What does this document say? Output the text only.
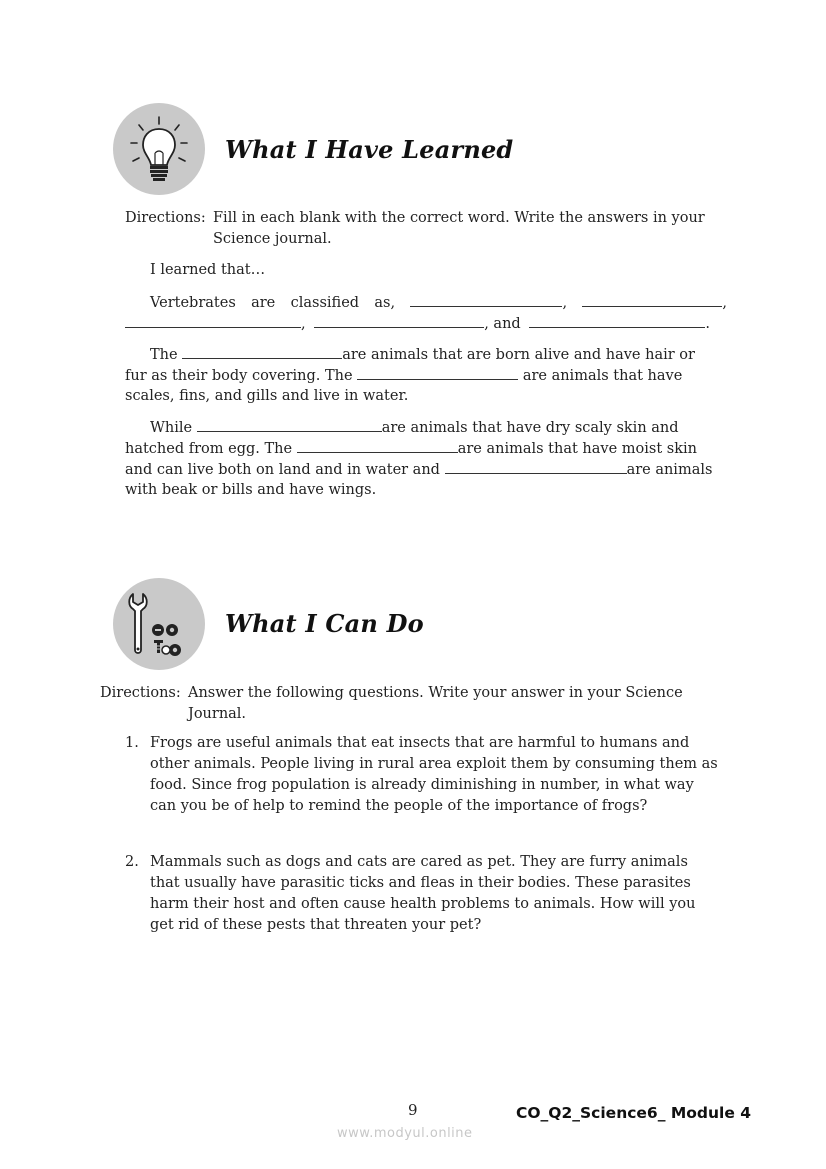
What I Have Learned
Directions: Fill in each blank with the correct word. Write the answers in your
Science journal.
I learned that…
Vertebrates are classified as,	,	,
,	, and	.
The	are animals that are born alive and have hair or
fur as their body covering. The	are animals that have
scales, fins, and gills and live in water.
While	are animals that have dry scaly skin and
hatched from egg. The	are animals that have moist skin
and can live both on land and in water and	are animals
with beak or bills and have wings.
What I Can Do
Directions: Answer the following questions. Write your answer in your Science
Journal.
1. Frogs are useful animals that eat insects that are harmful to humans and
other animals. People living in rural area exploit them by consuming them as
food. Since frog population is already diminishing in number, in what way
can you be of help to remind the people of the importance of frogs?
2. Mammals such as dogs and cats are cared as pet. They are furry animals
that usually have parasitic ticks and fleas in their bodies. These parasites
harm their host and often cause health problems to animals. How will you
get rid of these pests that threaten your pet?
9	CO_Q2_Science6_ Module 4
www.modyul.online
